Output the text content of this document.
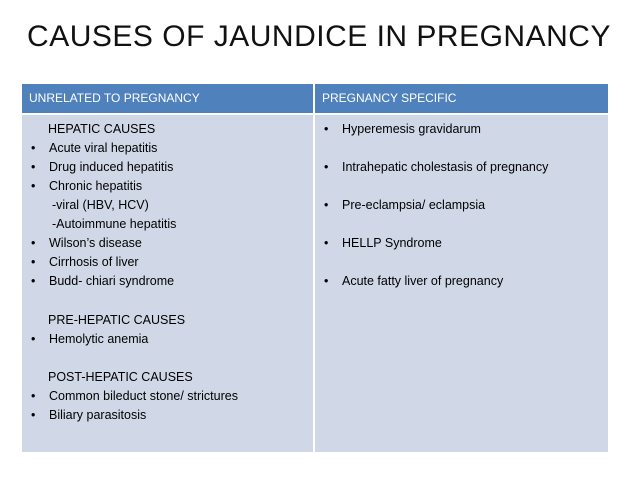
CAUSES OF JAUNDICE IN PREGNANCY
UNRELATED TO PREGNANCY	PREGNANCY SPECIFIC
HEPATIC CAUSES
• Acute viral hepatitis
• Drug induced hepatitis
• Chronic hepatitis
-viral (HBV, HCV)
-Autoimmune hepatitis
• Wilson’s disease
• Cirrhosis of liver
• Budd- chiari syndrome
PRE-HEPATIC CAUSES
• Hemolytic anemia
POST-HEPATIC CAUSES
• Common bileduct stone/ strictures
• Biliary parasitosis
• Hyperemesis gravidarum
• Intrahepatic cholestasis of pregnancy
• Pre-eclampsia/ eclampsia
• HELLP Syndrome
• Acute fatty liver of pregnancy
